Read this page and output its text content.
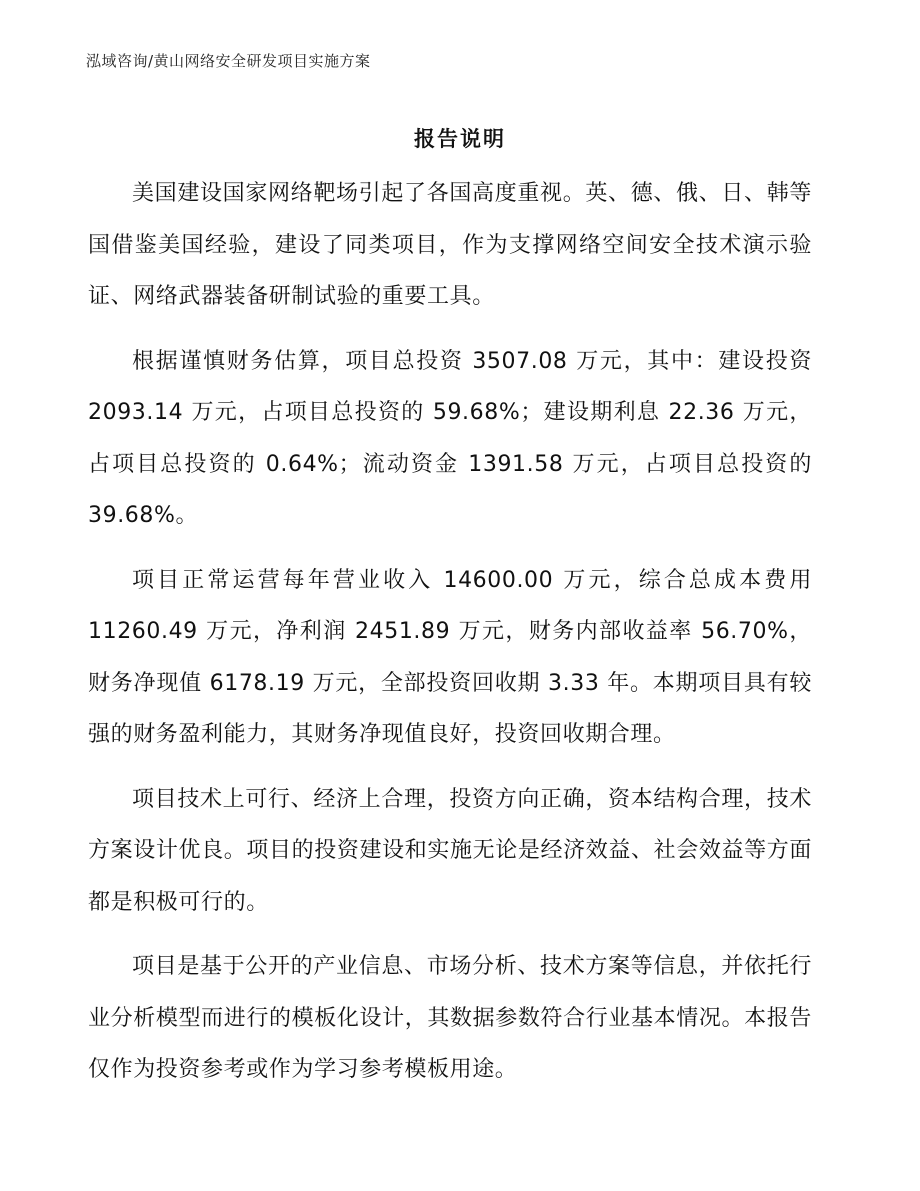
泓域咨询/黄山网络安全研发项目实施方案
报告说明

美国建设国家网络靶场引起了各国高度重视。英、德、俄、日、韩等国借鉴美国经验，建设了同类项目，作为支撑网络空间安全技术演示验证、网络武器装备研制试验的重要工具。

根据谨慎财务估算，项目总投资 3507.08 万元，其中：建设投资 2093.14 万元，占项目总投资的 59.68%；建设期利息 22.36 万元，占项目总投资的 0.64%；流动资金 1391.58 万元，占项目总投资的 39.68%。

项目正常运营每年营业收入 14600.00 万元，综合总成本费用 11260.49 万元，净利润 2451.89 万元，财务内部收益率 56.70%，财务净现值 6178.19 万元，全部投资回收期 3.33 年。本期项目具有较强的财务盈利能力，其财务净现值良好，投资回收期合理。

项目技术上可行、经济上合理，投资方向正确，资本结构合理，技术方案设计优良。项目的投资建设和实施无论是经济效益、社会效益等方面都是积极可行的。

项目是基于公开的产业信息、市场分析、技术方案等信息，并依托行业分析模型而进行的模板化设计，其数据参数符合行业基本情况。本报告仅作为投资参考或作为学习参考模板用途。
